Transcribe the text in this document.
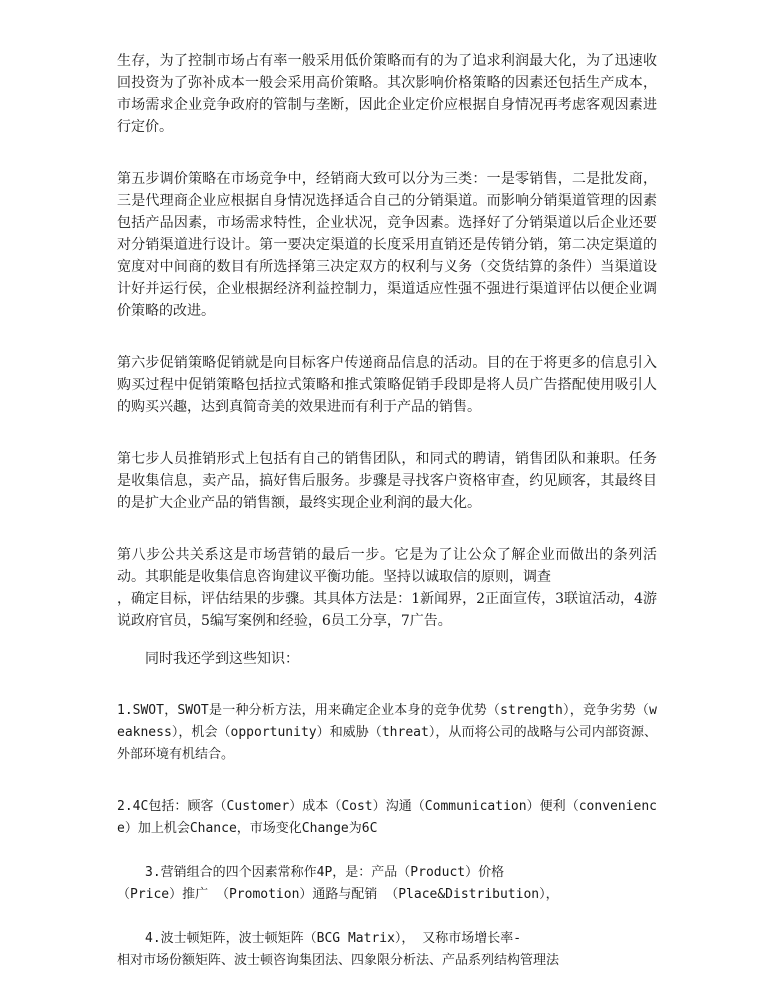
生存，为了控制市场占有率一般采用低价策略而有的为了追求利润最大化，为了迅速收回投资为了弥补成本一般会采用高价策略。其次影响价格策略的因素还包括生产成本，市场需求企业竞争政府的管制与垄断，因此企业定价应根据自身情况再考虑客观因素进行定价。

第五步调价策略在市场竞争中，经销商大致可以分为三类：一是零销售，二是批发商，三是代理商企业应根据自身情况选择适合自己的分销渠道。而影响分销渠道管理的因素包括产品因素，市场需求特性，企业状况，竞争因素。选择好了分销渠道以后企业还要对分销渠道进行设计。第一要决定渠道的长度采用直销还是传销分销，第二决定渠道的宽度对中间商的数目有所选择第三决定双方的权利与义务（交货结算的条件）当渠道设计好并运行侯，企业根据经济利益控制力，渠道适应性强不强进行渠道评估以便企业调价策略的改进。

第六步促销策略促销就是向目标客户传递商品信息的活动。目的在于将更多的信息引入购买过程中促销策略包括拉式策略和推式策略促销手段即是将人员广告搭配使用吸引人的购买兴趣，达到真简奇美的效果进而有利于产品的销售。

第七步人员推销形式上包括有自己的销售团队，和同式的聘请，销售团队和兼职。任务是收集信息，卖产品，搞好售后服务。步骤是寻找客户资格审查，约见顾客，其最终目的是扩大企业产品的销售额，最终实现企业利润的最大化。

第八步公共关系这是市场营销的最后一步。它是为了让公众了解企业而做出的条列活动。其职能是收集信息咨询建议平衡功能。坚持以诚取信的原则，调查
，确定目标，评估结果的步骤。其具体方法是：1新闻界，2正面宣传，3联谊活动，4游说政府官员，5编写案例和经验，6员工分享，7广告。

同时我还学到这些知识：

1.SWOT，SWOT是一种分析方法，用来确定企业本身的竞争优势（strength），竞争劣势（weakness），机会（opportunity）和威胁（threat），从而将公司的战略与公司内部资源、外部环境有机结合。

2.4C包括：顾客（Customer）成本（Cost）沟通（Communication）便利（convenience）加上机会Chance，市场变化Change为6C

3.营销组合的四个因素常称作4P，是：产品（Product）价格
（Price）推广 （Promotion）通路与配销 （Place&Distribution），

4.波士顿矩阵，波士顿矩阵（BCG Matrix）， 又称市场增长率-
相对市场份额矩阵、波士顿咨询集团法、四象限分析法、产品系列结构管理法
